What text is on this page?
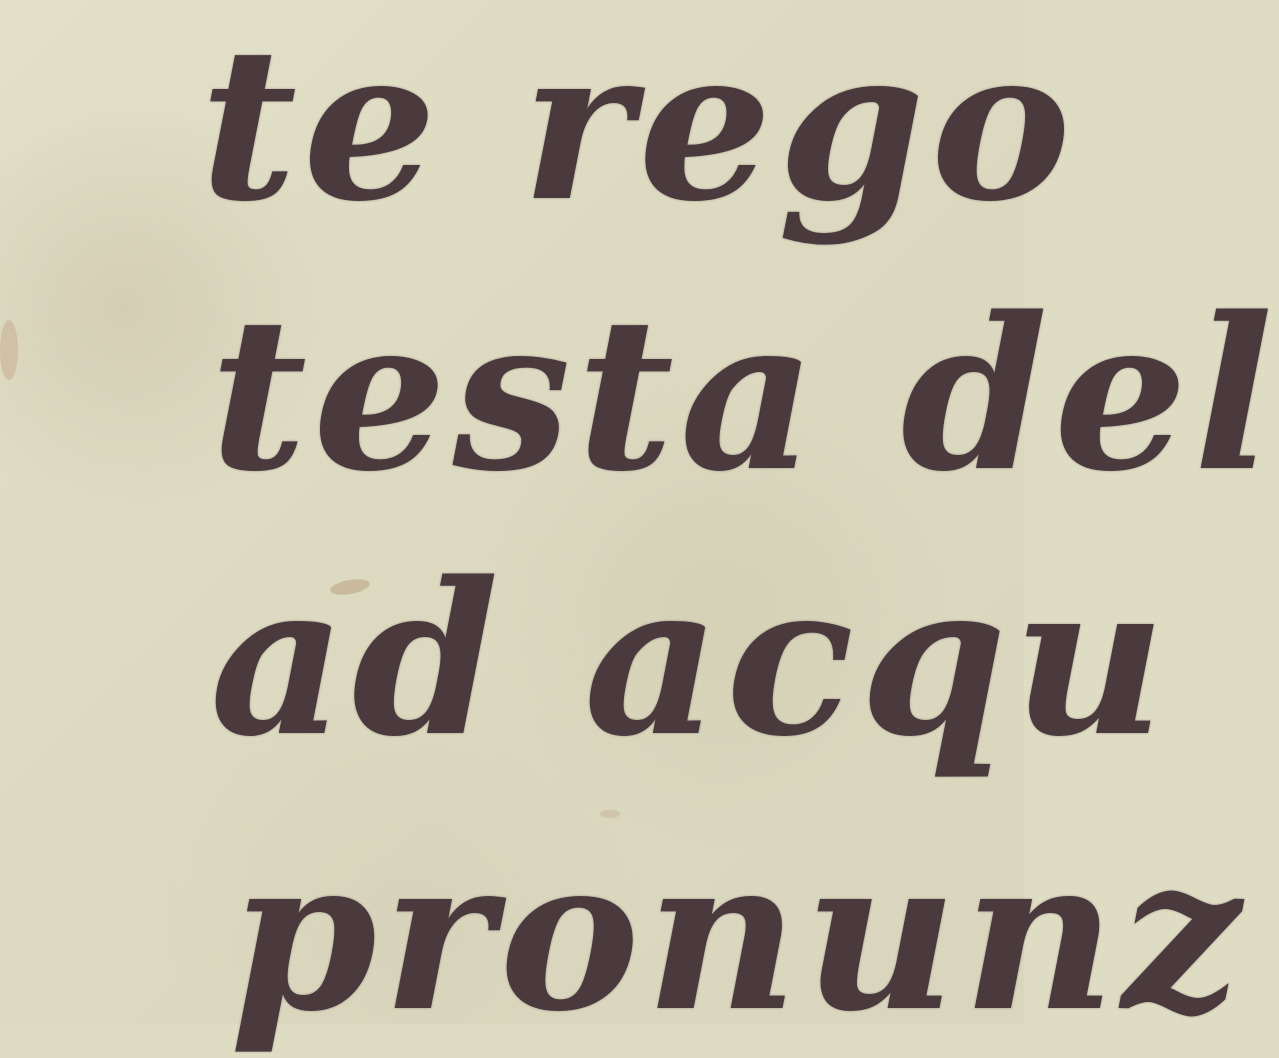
te rego

testa del

ad acqu

pronunz
